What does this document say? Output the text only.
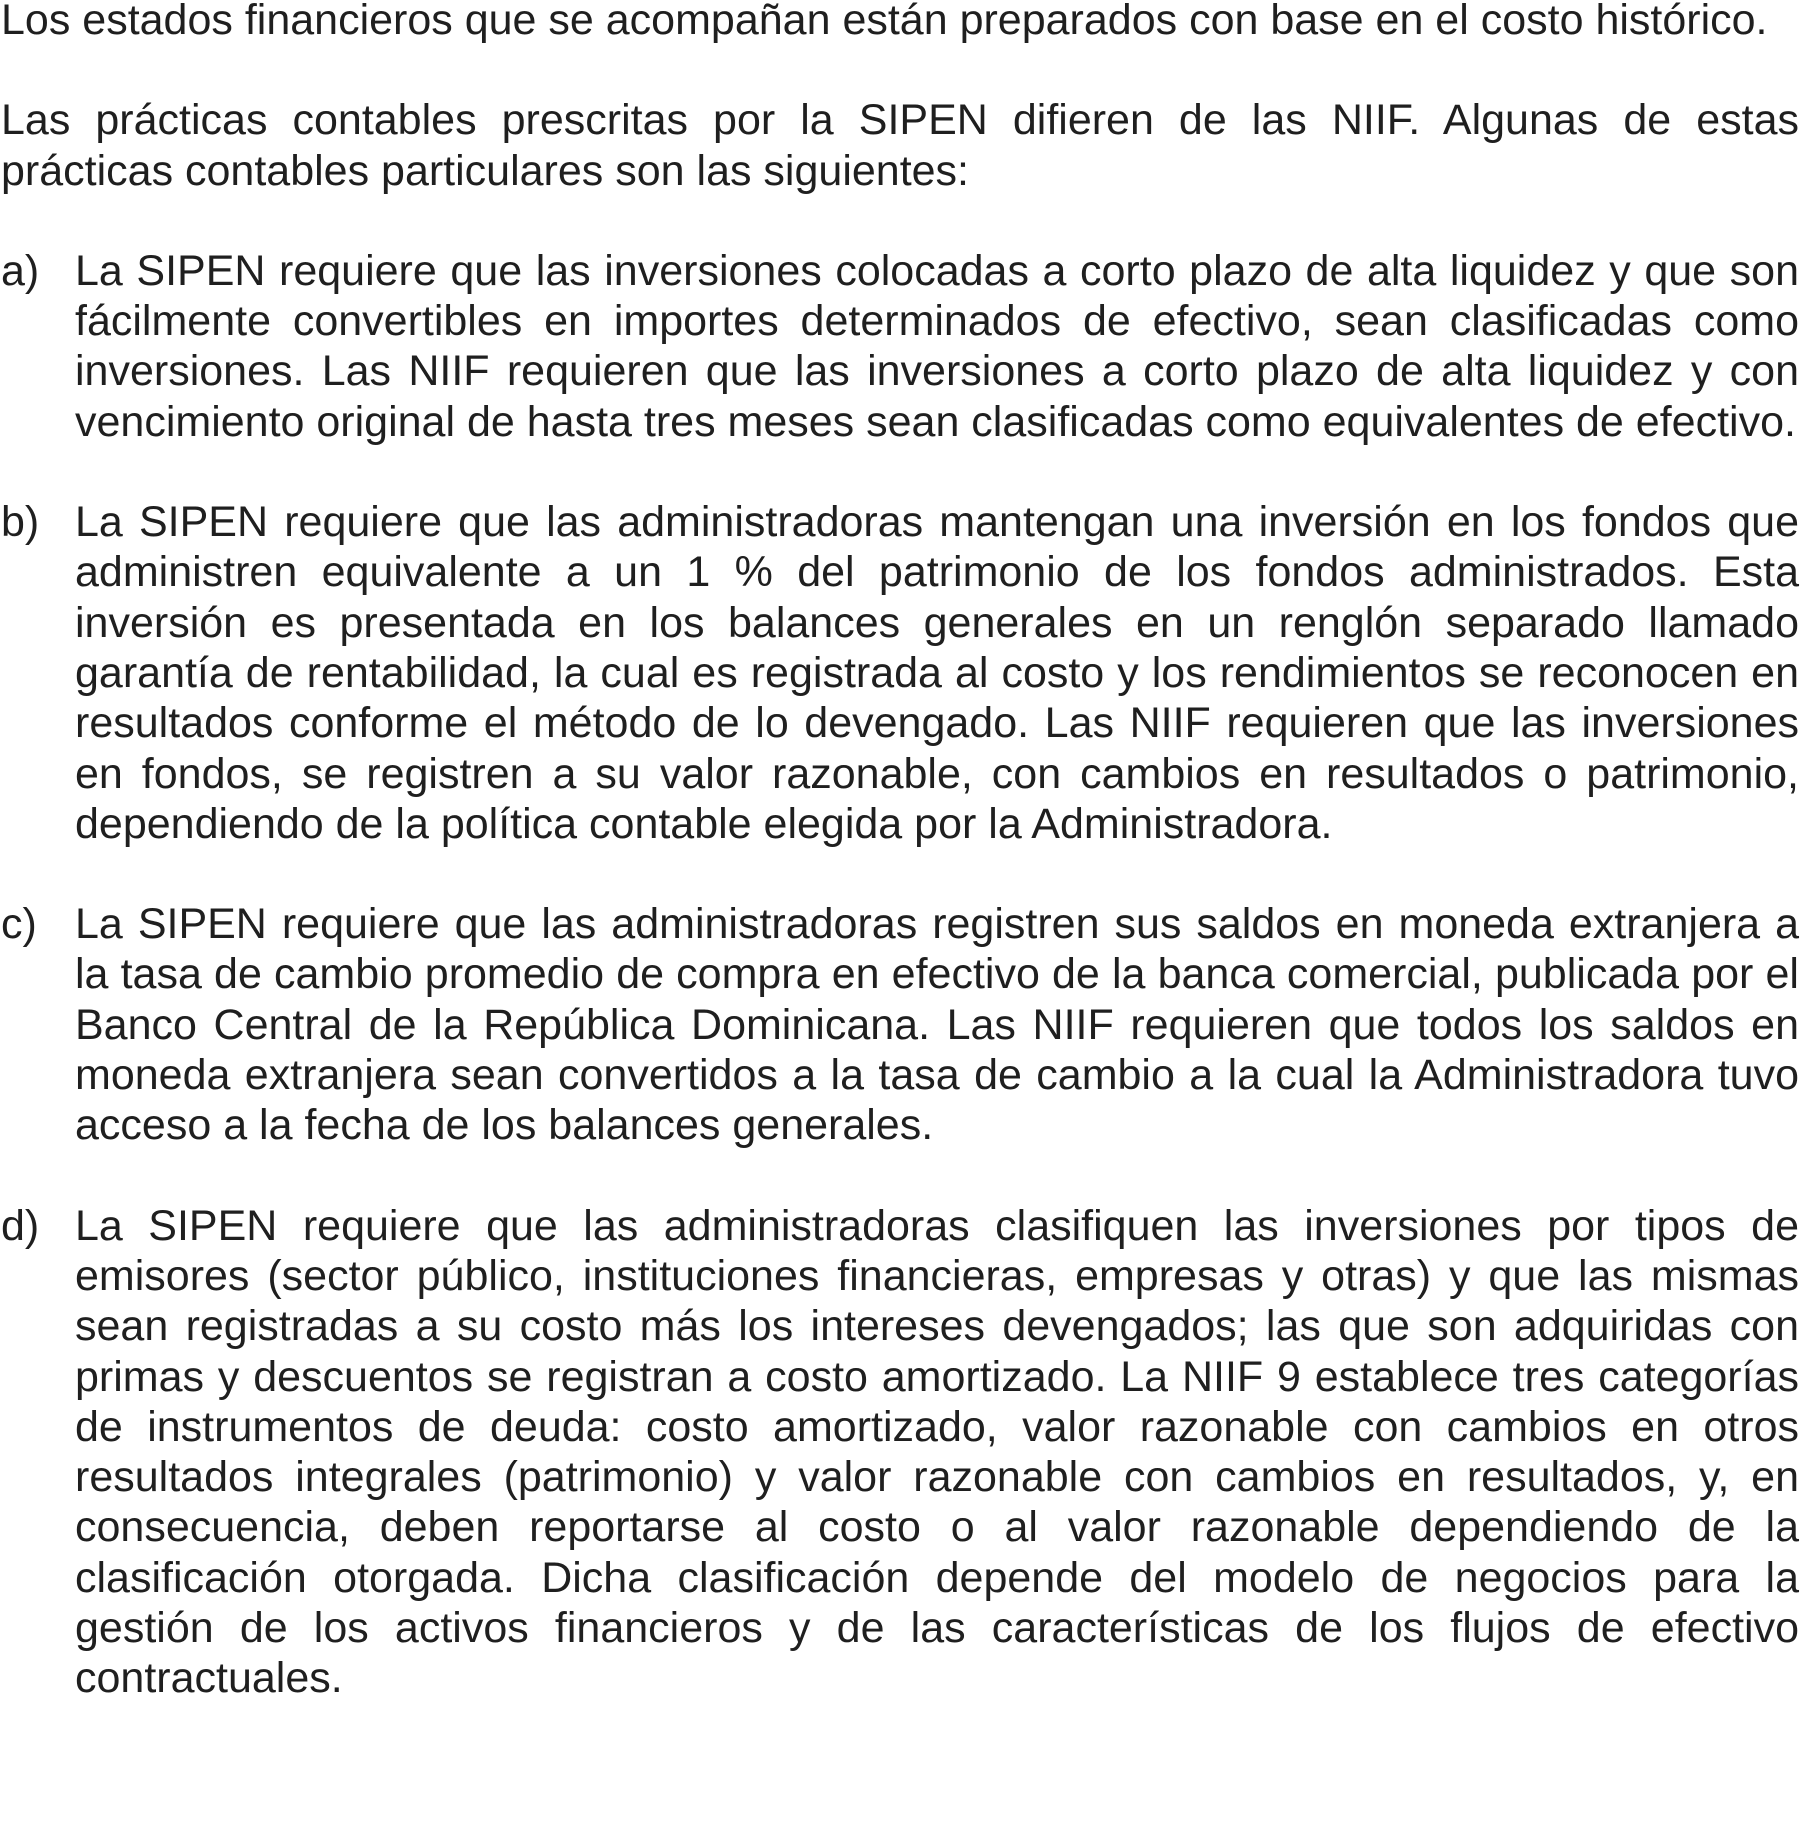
Los estados financieros que se acompañan están preparados con base en el costo histórico.

Las prácticas contables prescritas por la SIPEN difieren de las NIIF. Algunas de estas prácticas contables particulares son las siguientes:

a) La SIPEN requiere que las inversiones colocadas a corto plazo de alta liquidez y que son fácilmente convertibles en importes determinados de efectivo, sean clasificadas como inversiones. Las NIIF requieren que las inversiones a corto plazo de alta liquidez y con vencimiento original de hasta tres meses sean clasificadas como equivalentes de efectivo.
b) La SIPEN requiere que las administradoras mantengan una inversión en los fondos que administren equivalente a un 1 % del patrimonio de los fondos administrados. Esta inversión es presentada en los balances generales en un renglón separado llamado garantía de rentabilidad, la cual es registrada al costo y los rendimientos se reconocen en resultados conforme el método de lo devengado. Las NIIF requieren que las inversiones en fondos, se registren a su valor razonable, con cambios en resultados o patrimonio, dependiendo de la política contable elegida por la Administradora.
c) La SIPEN requiere que las administradoras registren sus saldos en moneda extranjera a la tasa de cambio promedio de compra en efectivo de la banca comercial, publicada por el Banco Central de la República Dominicana. Las NIIF requieren que todos los saldos en moneda extranjera sean convertidos a la tasa de cambio a la cual la Administradora tuvo acceso a la fecha de los balances generales.
d) La SIPEN requiere que las administradoras clasifiquen las inversiones por tipos de emisores (sector público, instituciones financieras, empresas y otras) y que las mismas sean registradas a su costo más los intereses devengados; las que son adquiridas con primas y descuentos se registran a costo amortizado. La NIIF 9 establece tres categorías de instrumentos de deuda: costo amortizado, valor razonable con cambios en otros resultados integrales (patrimonio) y valor razonable con cambios en resultados, y, en consecuencia, deben reportarse al costo o al valor razonable dependiendo de la clasificación otorgada. Dicha clasificación depende del modelo de negocios para la gestión de los activos financieros y de las características de los flujos de efectivo contractuales.
